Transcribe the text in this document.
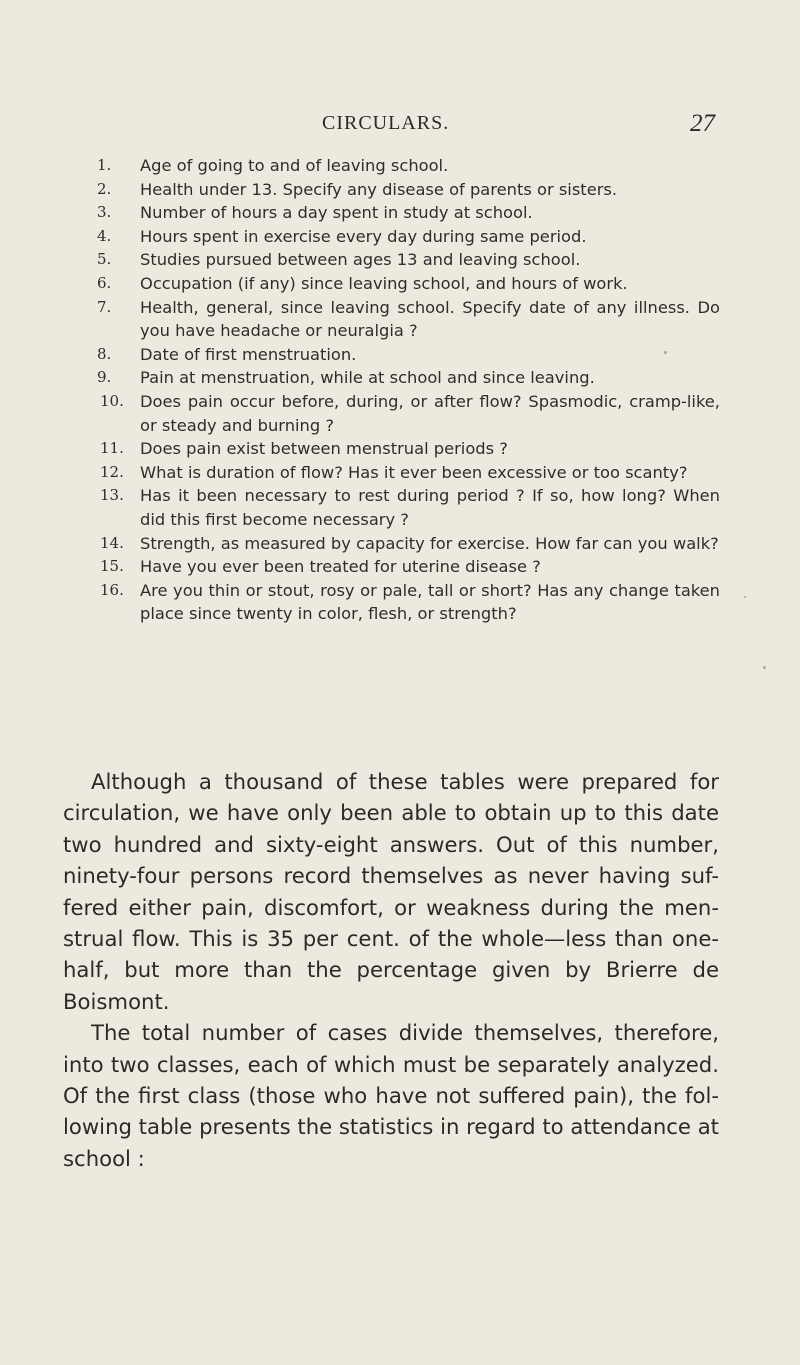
CIRCULARS.	27
1.	Age of going to and of leaving school.
2.	Health under 13. Specify any disease of parents or sisters.
3.	Number of hours a day spent in study at school.
4.	Hours spent in exercise every day during same period.
5.	Studies pursued between ages 13 and leaving school.
6.	Occupation (if any) since leaving school, and hours of work.
7.	Health, general, since leaving school. Specify date of any illness. Do you have headache or neuralgia ?
8.	Date of first menstruation.
9.	Pain at menstruation, while at school and since leaving.
10. Does pain occur before, during, or after flow? Spasmodic, cramp-like, or steady and burning ?
11. Does pain exist between menstrual periods ?
12. What is duration of flow? Has it ever been excessive or too scanty?
13. Has it been necessary to rest during period ? If so, how long? When did this first become necessary ?
14. Strength, as measured by capacity for exercise. How far can you walk?
15. Have you ever been treated for uterine disease ?
16. Are you thin or stout, rosy or pale, tall or short? Has any change taken place since twenty in color, flesh, or strength?

Although a thousand of these tables were prepared for circulation, we have only been able to obtain up to this date two hundred and sixty-eight answers. Out of this number, ninety-four persons record themselves as never having suf-fered either pain, discomfort, or weakness during the men-strual flow. This is 35 per cent. of the whole—less than one-half, but more than the percentage given by Brierre de Boismont.

The total number of cases divide themselves, therefore, into two classes, each of which must be separately analyzed. Of the first class (those who have not suffered pain), the fol-lowing table presents the statistics in regard to attendance at school :
